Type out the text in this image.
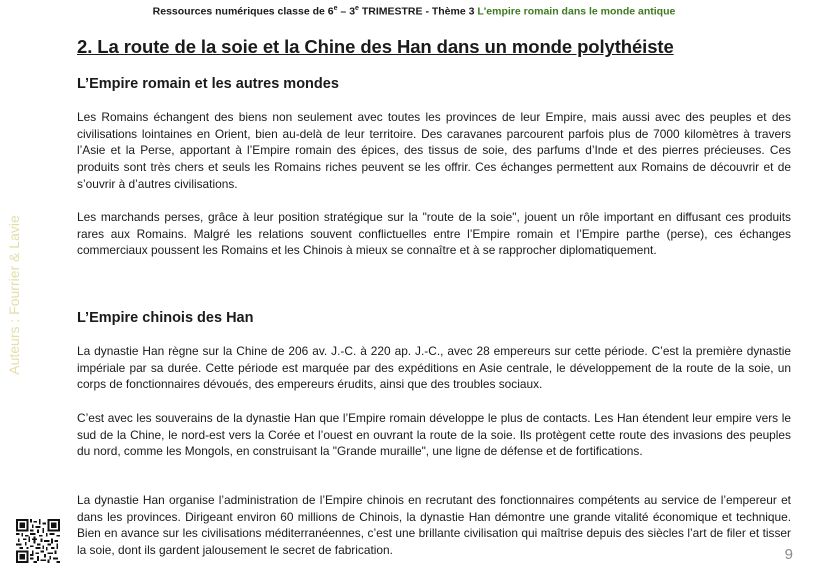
Ressources numériques classe de 6e – 3e TRIMESTRE - Thème 3 L'empire romain dans le monde antique
2. La route de la soie et la Chine des Han dans un monde polythéiste
L’Empire romain et les autres mondes

Les Romains échangent des biens non seulement avec toutes les provinces de leur Empire, mais aussi avec des peuples et des civilisations lointaines en Orient, bien au-delà de leur territoire. Des caravanes parcourent parfois plus de 7000 kilomètres à travers l’Asie et la Perse, apportant à l’Empire romain des épices, des tissus de soie, des parfums d’Inde et des pierres précieuses. Ces produits sont très chers et seuls les Romains riches peuvent se les offrir. Ces échanges permettent aux Romains de découvrir et de s’ouvrir à d’autres civilisations.

Les marchands perses, grâce à leur position stratégique sur la "route de la soie", jouent un rôle important en diffusant ces produits rares aux Romains. Malgré les relations souvent conflictuelles entre l’Empire romain et l’Empire parthe (perse), ces échanges commerciaux poussent les Romains et les Chinois à mieux se connaître et à se rapprocher diplomatiquement.

L’Empire chinois des Han

La dynastie Han règne sur la Chine de 206 av. J.-C. à 220 ap. J.-C., avec 28 empereurs sur cette période. C’est la première dynastie impériale par sa durée. Cette période est marquée par des expéditions en Asie centrale, le développement de la route de la soie, un corps de fonctionnaires dévoués, des empereurs érudits, ainsi que des troubles sociaux.

C’est avec les souverains de la dynastie Han que l’Empire romain développe le plus de contacts. Les Han étendent leur empire vers le sud de la Chine, le nord-est vers la Corée et l’ouest en ouvrant la route de la soie. Ils protègent cette route des invasions des peuples du nord, comme les Mongols, en construisant la "Grande muraille", une ligne de défense et de fortifications.

La dynastie Han organise l’administration de l’Empire chinois en recrutant des fonctionnaires compétents au service de l’empereur et dans les provinces. Dirigeant environ 60 millions de Chinois, la dynastie Han démontre une grande vitalité économique et technique. Bien en avance sur les civilisations méditerranéennes, c’est une brillante civilisation qui maîtrise depuis des siècles l’art de filer et tisser la soie, dont ils gardent jalousement le secret de fabrication.

Auteurs : Fourrier & Lavie
9
